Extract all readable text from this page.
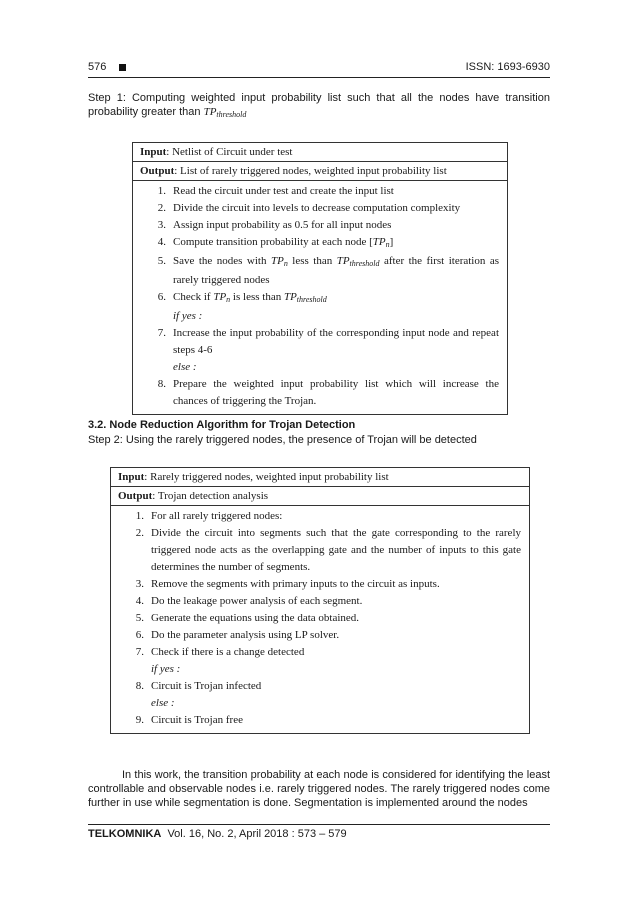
576	ISSN: 1693-6930
Step 1: Computing weighted input probability list such that all the nodes have transition probability greater than $TP_{threshold}$
Input: Netlist of Circuit under test
Output: List of rarely triggered nodes, weighted input probability list
1. Read the circuit under test and create the input list
2. Divide the circuit into levels to decrease computation complexity
3. Assign input probability as 0.5 for all input nodes
4. Compute transition probability at each node $[TP_n]$
5. Save the nodes with $TP_n$ less than $TP_{threshold}$ after the first iteration as rarely triggered nodes
6. Check if $TP_n$ is less than $TP_{threshold}$
if yes :
7. Increase the input probability of the corresponding input node and repeat steps 4-6
else :
8. Prepare the weighted input probability list which will increase the chances of triggering the Trojan.
3.2. Node Reduction Algorithm for Trojan Detection
Step 2: Using the rarely triggered nodes, the presence of Trojan will be detected
Input: Rarely triggered nodes, weighted input probability list
Output: Trojan detection analysis
1. For all rarely triggered nodes:
2. Divide the circuit into segments such that the gate corresponding to the rarely triggered node acts as the overlapping gate and the number of inputs to this gate determines the number of segments.
3. Remove the segments with primary inputs to the circuit as inputs.
4. Do the leakage power analysis of each segment.
5. Generate the equations using the data obtained.
6. Do the parameter analysis using LP solver.
7. Check if there is a change detected
if yes :
8. Circuit is Trojan infected
else :
9. Circuit is Trojan free
In this work, the transition probability at each node is considered for identifying the least controllable and observable nodes i.e. rarely triggered nodes. The rarely triggered nodes come further in use while segmentation is done. Segmentation is implemented around the nodes
TELKOMNIKA Vol. 16, No. 2, April 2018 : 573 – 579
